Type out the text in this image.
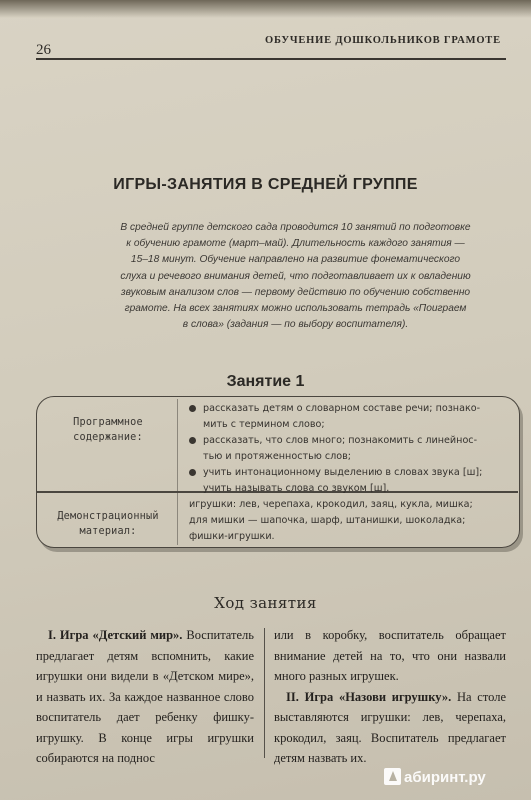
26
ОБУЧЕНИЕ ДОШКОЛЬНИКОВ ГРАМОТЕ
ИГРЫ-ЗАНЯТИЯ В СРЕДНЕЙ ГРУППЕ
В средней группе детского сада проводится 10 занятий по подготовке
к обучению грамоте (март–май). Длительность каждого занятия —
15–18 минут. Обучение направлено на развитие фонематического
слуха и речевого внимания детей, что подготавливает их к овладению
звуковым анализом слов — первому действию по обучению собственно
грамоте. На всех занятиях можно использовать тетрадь «Поиграем
в слова» (задания — по выбору воспитателя).
Занятие 1
Программное
содержание:
рассказать детям о словарном составе речи; познако-
мить с термином слово;
рассказать, что слов много; познакомить с линейнос-
тью и протяженностью слов;
учить интонационному выделению в словах звука [ш];
учить называть слова со звуком [ш].
Демонстрационный
материал:
игрушки: лев, черепаха, крокодил, заяц, кукла, мишка;
для мишки — шапочка, шарф, штанишки, шоколадка;
фишки-игрушки.
Ход занятия

I. Игра «Детский мир». Воспитатель предлагает детям вспомнить, какие игрушки они видели в «Детском мире», и назвать их. За каждое названное слово воспитатель дает ребенку фишку-игрушку. В конце игры игрушки собираются на поднос

или в коробку, воспитатель обращает внимание детей на то, что они назвали много разных игрушек.

II. Игра «Назови игрушку». На столе выставляются игрушки: лев, черепаха, крокодил, заяц. Воспитатель предлагает детям назвать их.

абиринт.ру
